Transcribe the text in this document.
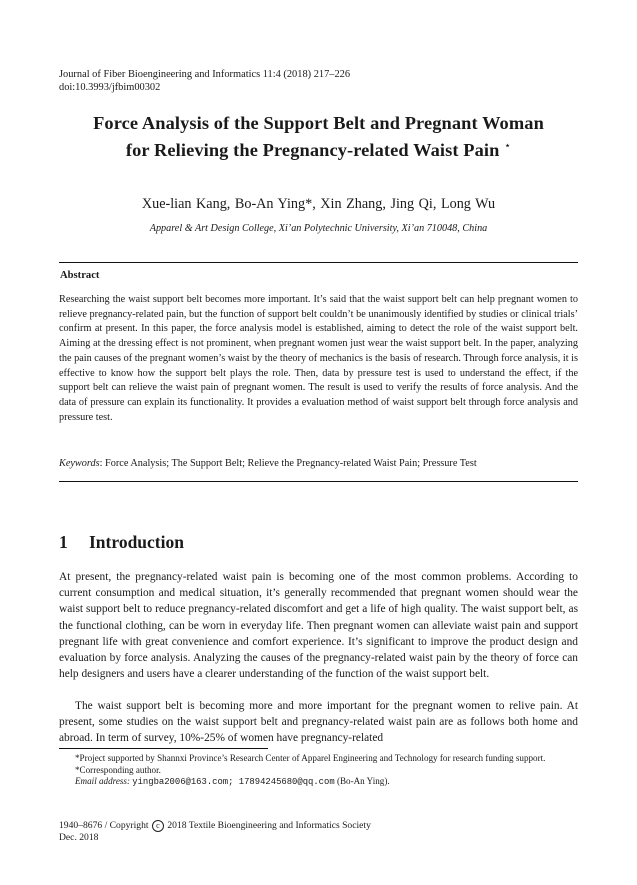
Journal of Fiber Bioengineering and Informatics 11:4 (2018) 217–226
doi:10.3993/jfbim00302
Force Analysis of the Support Belt and Pregnant Woman
for Relieving the Pregnancy-related Waist Pain ⋆
Xue-lian Kang, Bo-An Ying*, Xin Zhang, Jing Qi, Long Wu
Apparel & Art Design College, Xi’an Polytechnic University, Xi’an 710048, China
Abstract
Researching the waist support belt becomes more important. It’s said that the waist support belt can help pregnant women to relieve pregnancy-related pain, but the function of support belt couldn’t be unanimously identified by studies or clinical trials’ confirm at present. In this paper, the force analysis model is established, aiming to detect the role of the waist support belt. Aiming at the dressing effect is not prominent, when pregnant women just wear the waist support belt. In the paper, analyzing the pain causes of the pregnant women’s waist by the theory of mechanics is the basis of research. Through force analysis, it is effective to know how the support belt plays the role. Then, data by pressure test is used to understand the effect, if the support belt can relieve the waist pain of pregnant women. The result is used to verify the results of force analysis. And the data of pressure can explain its functionality. It provides a evaluation method of waist support belt through force analysis and pressure test.
Keywords: Force Analysis; The Support Belt; Relieve the Pregnancy-related Waist Pain; Pressure Test
1 Introduction
At present, the pregnancy-related waist pain is becoming one of the most common problems. According to current consumption and medical situation, it’s generally recommended that pregnant women should wear the waist support belt to reduce pregnancy-related discomfort and get a life of high quality. The waist support belt, as the functional clothing, can be worn in everyday life. Then pregnant women can alleviate waist pain and support pregnant life with great convenience and comfort experience. It’s significant to improve the product design and evaluation by force analysis. Analyzing the causes of the pregnancy-related waist pain by the theory of force can help designers and users have a clearer understanding of the function of the waist support belt.
The waist support belt is becoming more and more important for the pregnant women to relive pain. At present, some studies on the waist support belt and pregnancy-related waist pain are as follows both home and abroad. In term of survey, 10%-25% of women have pregnancy-related
*Project supported by Shannxi Province’s Research Center of Apparel Engineering and Technology for research funding support.
*Corresponding author.
Email address: yingba2006@163.com; 17894245680@qq.com (Bo-An Ying).
1940–8676 / Copyright c 2018 Textile Bioengineering and Informatics Society
Dec. 2018
